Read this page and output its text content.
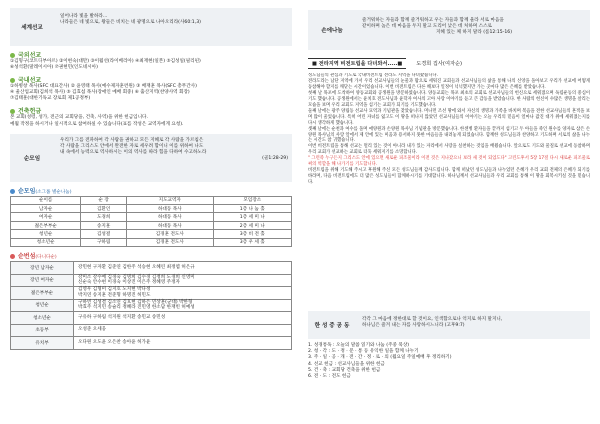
세계선교
일어나라 빛을 발하라...
나라들은 네 빛으로, 왕들은 비치는 네 광명으로 나아오리라(사60:1,3)
국외선교
①김형구(코트디부아르) ②이현숙(대만) ③이월선(라이베리아) ④최재현(일본) ⑤김성일(필리핀)
⑥성석환(말레이시아) ⑦권현민(인도네시아)
국내선교
①하병창 목사(SFC 대표간사) ② 윤영태 목사(예수제자훈련원) ③ 배재훈 목사(SFC 총무간사)
④ 울산업교회(김희석 목사) ⑤ 김효섭 목사(장애인 예배 회중) ⑥ 출산지역(찬양사역 회장)
⑦김태훈(대한기독교 장로회 제1공정부)
건축헌금
본 교회(성령, 성가, 전근의 교회당을, 건축, 사역)을 위한 헌금입니다.
예월 작정을 하시거나 일시적으로 참여하실 수 있습니다(표를 작성은 교역자에게 요청).
순모임
우리가 그를 전파하여 각 사람을 권하고 모든 지혜로 각 사람을 가르침은
각 사람을 그리스도 안에서 완전한 자로 세우려 함이니 이를 위하여 나도
내 속에서 능력으로 역사하시는 이의 역사를 따라 힘을 다하여 수고하노라
(골1:28-29)
순모임(소그룹 별순나눔)
순이름	순 장	지도교역자	모임장소
남자순	김환인	하대동 목사	1층 나 눔 홀
여자순	도경희	하대동 목사	1층 세 미 나
젊은부부순	송지훈	하대동 목사	2층 세 미 나
청년순	김성걸	김경훈 전도사	3층 비 전 홀
청소년순	구하림	김경훈 전도사	3층 우 세 홀
순번섬(다니다순)
장년 남자순	강민현 구자환 김준연 김한주 석승현 오혜린 최정엽 허은규

장년 여자순	강미소 강수예 김경숙 김명희 김수경 김정희 도경희 신영미
신순숙 안수현 이경숙 이상진 이은주 정혜영 주정자

젊은부부순	김영우 김형미 김지호 노지현 박다정
박지연 송지훈 전준형 하명진 허민도

청년순	구하빈 김성결 김소연 김호현 김하은 민상훈(군대) 박한형
박효주 석지민 송슬리 정혜라 진민영 한소담 한재빈 허예성

청소년순	구유하 구하림 석지원 석지환 송민교 송민성

초등부	오성준 오세웅

유치부	오다원 오도윤 오은찬 송아윤 허가윤
손에나눔
즐거워하는 자들과 함께 즐거워하고 우는 자들과 함께 울라 서로 마음을
같이하며 높은 데 마음을 두지 말고 도리어 낮은 데 처하며 스스로
지혜 있는 체 하지 말라 (롬12:15-16)
■ 전라지역 비전트립을 다녀와서.....■	도경희 집사(여자순)
성도님들의 관심과 기도로 국내비전트립 전라도 지역을 다녀왔습니다.
전라도라는 남단 지역에 가서 우리 선교사님들의 눈물과 땀으로 세워진 교회들과 선교사님들의 삶을 통해 나의 신앙을 돌아보고 우리가 선교에 어떻게 동참해야 할지를 깨닫는 시간이었습니다. 이번 비전트립은 다른 해보다 일정이 넉넉했지만 가는 곳마다 많은 은혜를 받았습니다.
첫째 날 목포에 도착하여 양동교회와 공생원을 방문하였습니다. 양동교회는 목포 최초의 교회로 선교사님들의 헌신으로 세워졌으며 독립운동의 중심이기도 했습니다. 공생원에서는 윤치호 전도사님과 윤학자 여사의 고아 사랑 이야기를 듣고 큰 감동을 받았습니다. 한 사람의 헌신이 수많은 생명을 살리는 모습을 보며 우리 교회도 지역을 섬기는 교회가 되기를 기도했습니다.
둘째 날에는 광주 양림동 선교사 묘역과 기념관을 찾았습니다. 머나먼 조선 땅에 와서 자신의 생명과 가족을 바치며 복음을 전한 선교사님들의 흔적을 보며 많이 울었습니다. 특히 어린 자녀를 잃고도 이 땅을 떠나지 않았던 선교사님들의 이야기는 오늘 우리의 믿음이 얼마나 값진 대가 위에 세워졌는지를 다시 생각하게 했습니다.
셋째 날에는 순천과 여수를 돌며 애양원과 손양원 목사님 기념관을 방문했습니다. 한센병 환자들을 끝까지 섬기고 두 아들을 죽인 원수를 양자로 삼은 손양원 목사님의 사랑 앞에서 제 안에 있는 미움과 용서하지 못한 마음들을 내려놓게 되었습니다. 함께한 성도님들과 찬양하고 기도하며 서로의 삶을 나누는 시간도 참 귀했습니다.
이번 비전트립을 통해 선교는 멀리 있는 것이 아니라 내가 있는 자리에서 사랑을 실천하는 것임을 배웠습니다. 앞으로도 기도와 물질로 선교에 동참하며 우리 교회가 선교하는 교회로 더욱 세워지기를 소망합니다.
" 그런즉 누구든지 그리스도 안에 있으면 새로운 피조물이라 이전 것은 지나갔으니 보라 새 것이 되었도다" 고린도후서 5장 17절 다시 새로운 피조물로써의 역할을 해 나가기를 기도합니다.
비전트립을 위해 기도해 주시고 후원해 주신 모든 성도님들께 감사드립니다. 함께 떠났던 성도님들과 나누었던 은혜가 우리 교회 전체의 은혜가 되기를 바라며, 다음 비전트립에도 더 많은 성도님들이 함께하시기를 기대합니다. 하나님께서 선교사님들과 우리 교회를 통해 이 땅을 회복시키실 것을 믿습니다.
한 성 중 공 동
각각 그 마음에 정한대로 할 것이요, 인색함으로나 억지로 하지 말지니,
하나님은 즐겨 내는 자를 사랑하시느니라 (고후9:7)
1. 성경통독 : 오늘의 말씀 읽기와 나눔 (주중 묵상)
2. 청 · 각 : 도 · 정 · 문 · 통 등 유익한 일을 함께 나누기
3. 주 · 일 · 공 · 개 · 전 · 간 · 정 · 로 · 의 (월요일 주일예배 후 정리하기)
4. 선교 헌금 : 선교사님들을 위한 헌금
5. 건 · 축 : 교회당 건축을 위한 헌금
6. 전 · 도 : 전도 헌금
